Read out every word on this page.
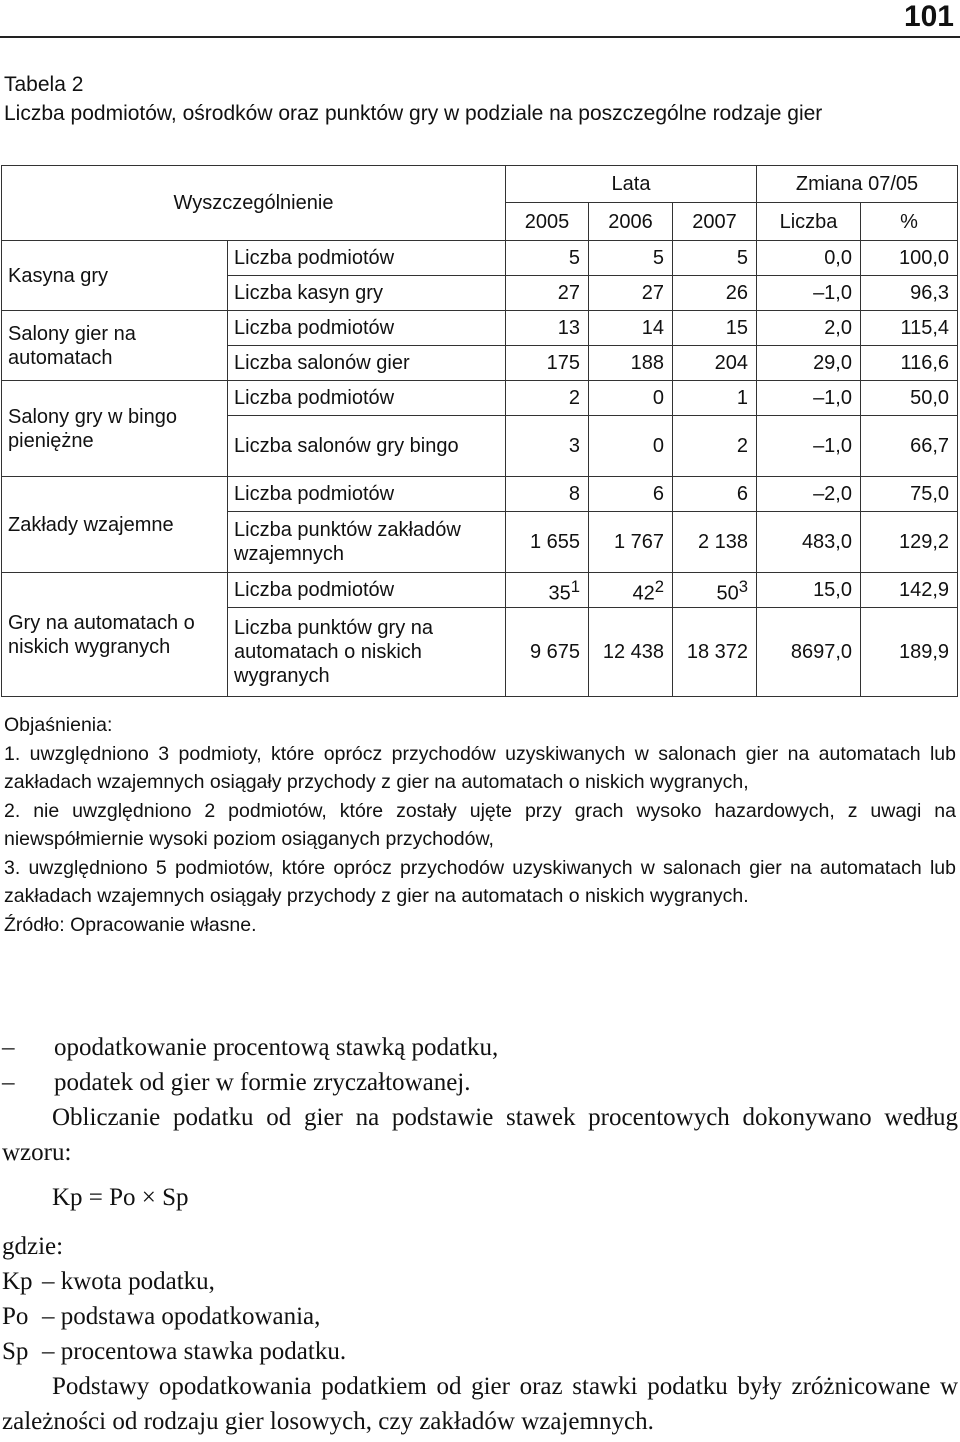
101
Tabela 2
Liczba podmiotów, ośrodków oraz punktów gry w podziale na poszczególne rodzaje gier
Wyszczególnienie		Lata			Zmiana 07/05	
		2005	2006	2007	Liczba	%
Kasyna gry	Liczba podmiotów	5	5	5	0,0	100,0
	Liczba kasyn gry	27	27	26	–1,0	96,3
Salony gier na automatach	Liczba podmiotów	13	14	15	2,0	115,4
	Liczba salonów gier	175	188	204	29,0	116,6
Salony gry w bingo pieniężne	Liczba podmiotów	2	0	1	–1,0	50,0
	Liczba salonów gry bingo	3	0	2	–1,0	66,7
Zakłady wzajemne	Liczba podmiotów	8	6	6	–2,0	75,0
	Liczba punktów zakładów wzajemnych	1 655	1 767	2 138	483,0	129,2
Gry na automatach o niskich wygranych	Liczba podmiotów	$35^1$	$42^2$	$50^3$	15,0	142,9
	Liczba punktów gry na automatach o niskich wygranych	9 675	12 438	18 372	8697,0	189,9

Objaśnienia:

1. uwzględniono 3 podmioty, które oprócz przychodów uzyskiwanych w salonach gier na automatach lub zakładach wzajemnych osiągały przychody z gier na automatach o niskich wygranych,

2. nie uwzględniono 2 podmiotów, które zostały ujęte przy grach wysoko hazardowych, z uwagi na niewspółmiernie wysoki poziom osiąganych przychodów,

3. uwzględniono 5 podmiotów, które oprócz przychodów uzyskiwanych w salonach gier na automatach lub zakładach wzajemnych osiągały przychody z gier na automatach o niskich wygranych.

Źródło: Opracowanie własne.

– opodatkowanie procentową stawką podatku,

– podatek od gier w formie zryczałtowanej.

Obliczanie podatku od gier na podstawie stawek procentowych dokonywano według wzoru:

Kp = Po × Sp

gdzie:

Kp – kwota podatku,

Po – podstawa opodatkowania,

Sp – procentowa stawka podatku.

Podstawy opodatkowania podatkiem od gier oraz stawki podatku były zróżnicowane w zależności od rodzaju gier losowych, czy zakładów wzajemnych.
